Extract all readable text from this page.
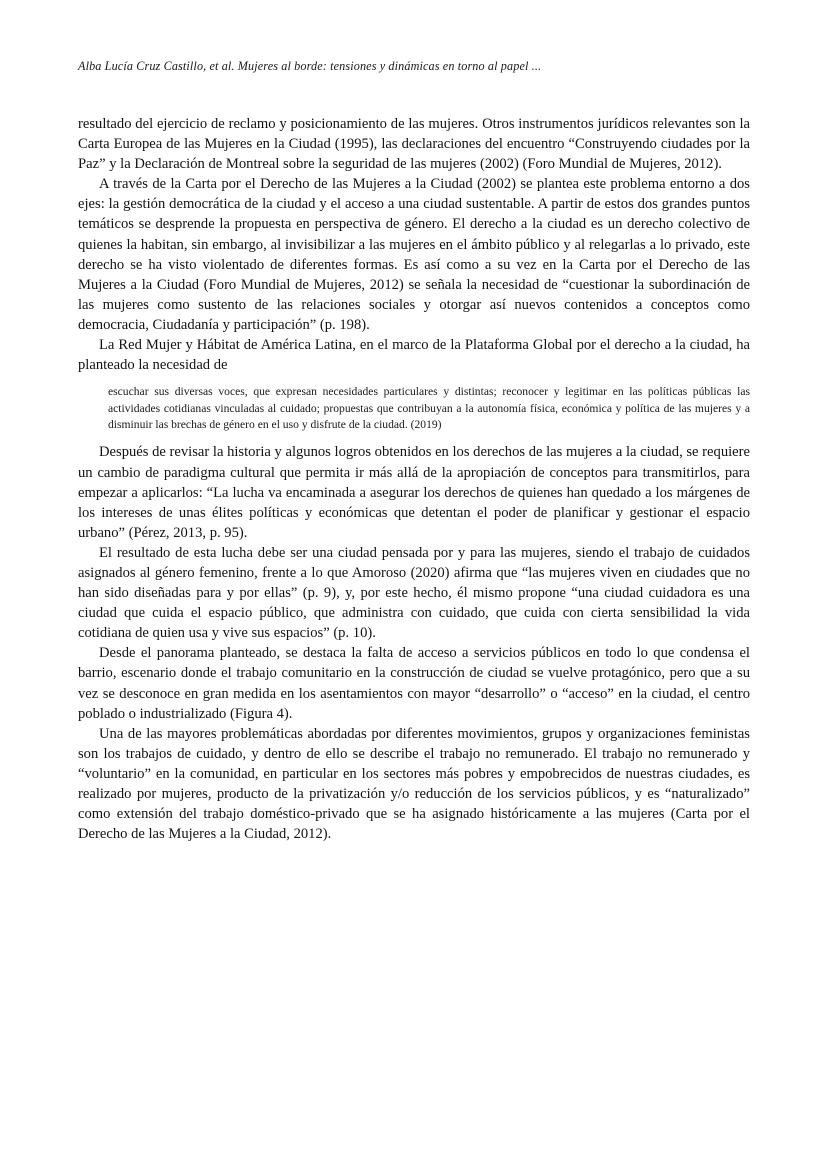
Alba Lucía Cruz Castillo, et al. Mujeres al borde: tensiones y dinámicas en torno al papel ...

resultado del ejercicio de reclamo y posicionamiento de las mujeres. Otros instrumentos jurídicos relevantes son la Carta Europea de las Mujeres en la Ciudad (1995), las declaraciones del encuentro “Construyendo ciudades por la Paz” y la Declaración de Montreal sobre la seguridad de las mujeres (2002) (Foro Mundial de Mujeres, 2012).

A través de la Carta por el Derecho de las Mujeres a la Ciudad (2002) se plantea este problema entorno a dos ejes: la gestión democrática de la ciudad y el acceso a una ciudad sustentable. A partir de estos dos grandes puntos temáticos se desprende la propuesta en perspectiva de género. El derecho a la ciudad es un derecho colectivo de quienes la habitan, sin embargo, al invisibilizar a las mujeres en el ámbito público y al relegarlas a lo privado, este derecho se ha visto violentado de diferentes formas. Es así como a su vez en la Carta por el Derecho de las Mujeres a la Ciudad (Foro Mundial de Mujeres, 2012) se señala la necesidad de “cuestionar la subordinación de las mujeres como sustento de las relaciones sociales y otorgar así nuevos contenidos a conceptos como democracia, Ciudadanía y participación” (p. 198).

La Red Mujer y Hábitat de América Latina, en el marco de la Plataforma Global por el derecho a la ciudad, ha planteado la necesidad de

escuchar sus diversas voces, que expresan necesidades particulares y distintas; reconocer y legitimar en las políticas públicas las actividades cotidianas vinculadas al cuidado; propuestas que contribuyan a la autonomía física, económica y política de las mujeres y a disminuir las brechas de género en el uso y disfrute de la ciudad. (2019)

Después de revisar la historia y algunos logros obtenidos en los derechos de las mujeres a la ciudad, se requiere un cambio de paradigma cultural que permita ir más allá de la apropiación de conceptos para transmitirlos, para empezar a aplicarlos: “La lucha va encaminada a asegurar los derechos de quienes han quedado a los márgenes de los intereses de unas élites políticas y económicas que detentan el poder de planificar y gestionar el espacio urbano” (Pérez, 2013, p. 95).

El resultado de esta lucha debe ser una ciudad pensada por y para las mujeres, siendo el trabajo de cuidados asignados al género femenino, frente a lo que Amoroso (2020) afirma que “las mujeres viven en ciudades que no han sido diseñadas para y por ellas” (p. 9), y, por este hecho, él mismo propone “una ciudad cuidadora es una ciudad que cuida el espacio público, que administra con cuidado, que cuida con cierta sensibilidad la vida cotidiana de quien usa y vive sus espacios” (p. 10).

Desde el panorama planteado, se destaca la falta de acceso a servicios públicos en todo lo que condensa el barrio, escenario donde el trabajo comunitario en la construcción de ciudad se vuelve protagónico, pero que a su vez se desconoce en gran medida en los asentamientos con mayor “desarrollo” o “acceso” en la ciudad, el centro poblado o industrializado (Figura 4).

Una de las mayores problemáticas abordadas por diferentes movimientos, grupos y organizaciones feministas son los trabajos de cuidado, y dentro de ello se describe el trabajo no remunerado. El trabajo no remunerado y “voluntario” en la comunidad, en particular en los sectores más pobres y empobrecidos de nuestras ciudades, es realizado por mujeres, producto de la privatización y/o reducción de los servicios públicos, y es “naturalizado” como extensión del trabajo doméstico-privado que se ha asignado históricamente a las mujeres (Carta por el Derecho de las Mujeres a la Ciudad, 2012).
